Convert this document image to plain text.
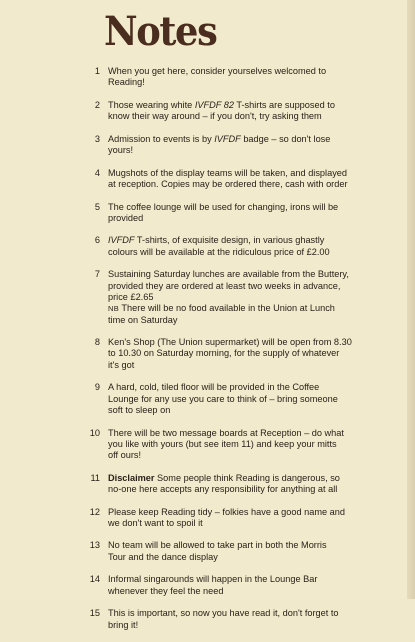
Notes
1 When you get here, consider yourselves welcomed to
Reading!
2 Those wearing white IVFDF 82 T-shirts are supposed to
know their way around – if you don't, try asking them
3 Admission to events is by IVFDF badge – so don't lose
yours!
4 Mugshots of the display teams will be taken, and displayed
at reception. Copies may be ordered there, cash with order
5 The coffee lounge will be used for changing, irons will be
provided
6 IVFDF T-shirts, of exquisite design, in various ghastly
colours will be available at the ridiculous price of £2.00
7 Sustaining Saturday lunches are available from the Buttery,
provided they are ordered at least two weeks in advance,
price £2.65
NB There will be no food available in the Union at Lunch
time on Saturday
8 Ken's Shop (The Union supermarket) will be open from 8.30
to 10.30 on Saturday morning, for the supply of whatever
it's got
9 A hard, cold, tiled floor will be provided in the Coffee
Lounge for any use you care to think of – bring someone
soft to sleep on
10 There will be two message boards at Reception – do what
you like with yours (but see item 11) and keep your mitts
off ours!
11 Disclaimer Some people think Reading is dangerous, so
no-one here accepts any responsibility for anything at all
12 Please keep Reading tidy – folkies have a good name and
we don't want to spoil it
13 No team will be allowed to take part in both the Morris
Tour and the dance display
14 Informal singarounds will happen in the Lounge Bar
whenever they feel the need
15 This is important, so now you have read it, don't forget to
bring it!
